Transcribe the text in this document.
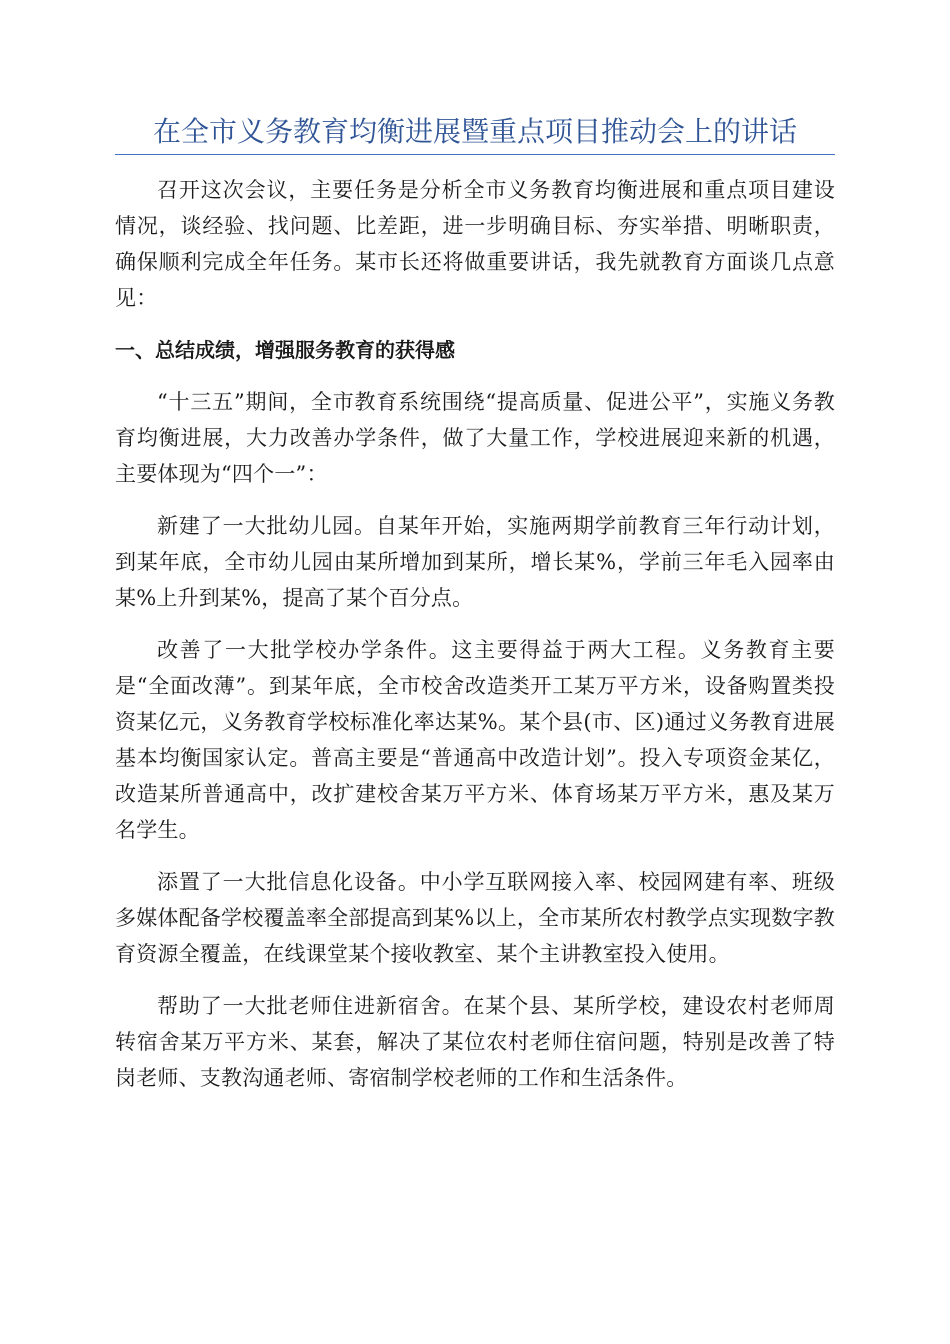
在全市义务教育均衡进展暨重点项目推动会上的讲话

召开这次会议，主要任务是分析全市义务教育均衡进展和重点项目建设情况，谈经验、找问题、比差距，进一步明确目标、夯实举措、明晰职责，确保顺利完成全年任务。某市长还将做重要讲话，我先就教育方面谈几点意见：

一、总结成绩，增强服务教育的获得感

“十三五”期间，全市教育系统围绕“提高质量、促进公平”，实施义务教育均衡进展，大力改善办学条件，做了大量工作，学校进展迎来新的机遇，主要体现为“四个一”：

新建了一大批幼儿园。自某年开始，实施两期学前教育三年行动计划，到某年底，全市幼儿园由某所增加到某所，增长某%，学前三年毛入园率由某%上升到某%，提高了某个百分点。

改善了一大批学校办学条件。这主要得益于两大工程。义务教育主要是“全面改薄”。到某年底，全市校舍改造类开工某万平方米，设备购置类投资某亿元，义务教育学校标准化率达某%。某个县(市、区)通过义务教育进展基本均衡国家认定。普高主要是“普通高中改造计划”。投入专项资金某亿，改造某所普通高中，改扩建校舍某万平方米、体育场某万平方米，惠及某万名学生。

添置了一大批信息化设备。中小学互联网接入率、校园网建有率、班级多媒体配备学校覆盖率全部提高到某%以上，全市某所农村教学点实现数字教育资源全覆盖，在线课堂某个接收教室、某个主讲教室投入使用。

帮助了一大批老师住进新宿舍。在某个县、某所学校，建设农村老师周转宿舍某万平方米、某套，解决了某位农村老师住宿问题，特别是改善了特岗老师、支教沟通老师、寄宿制学校老师的工作和生活条件。
